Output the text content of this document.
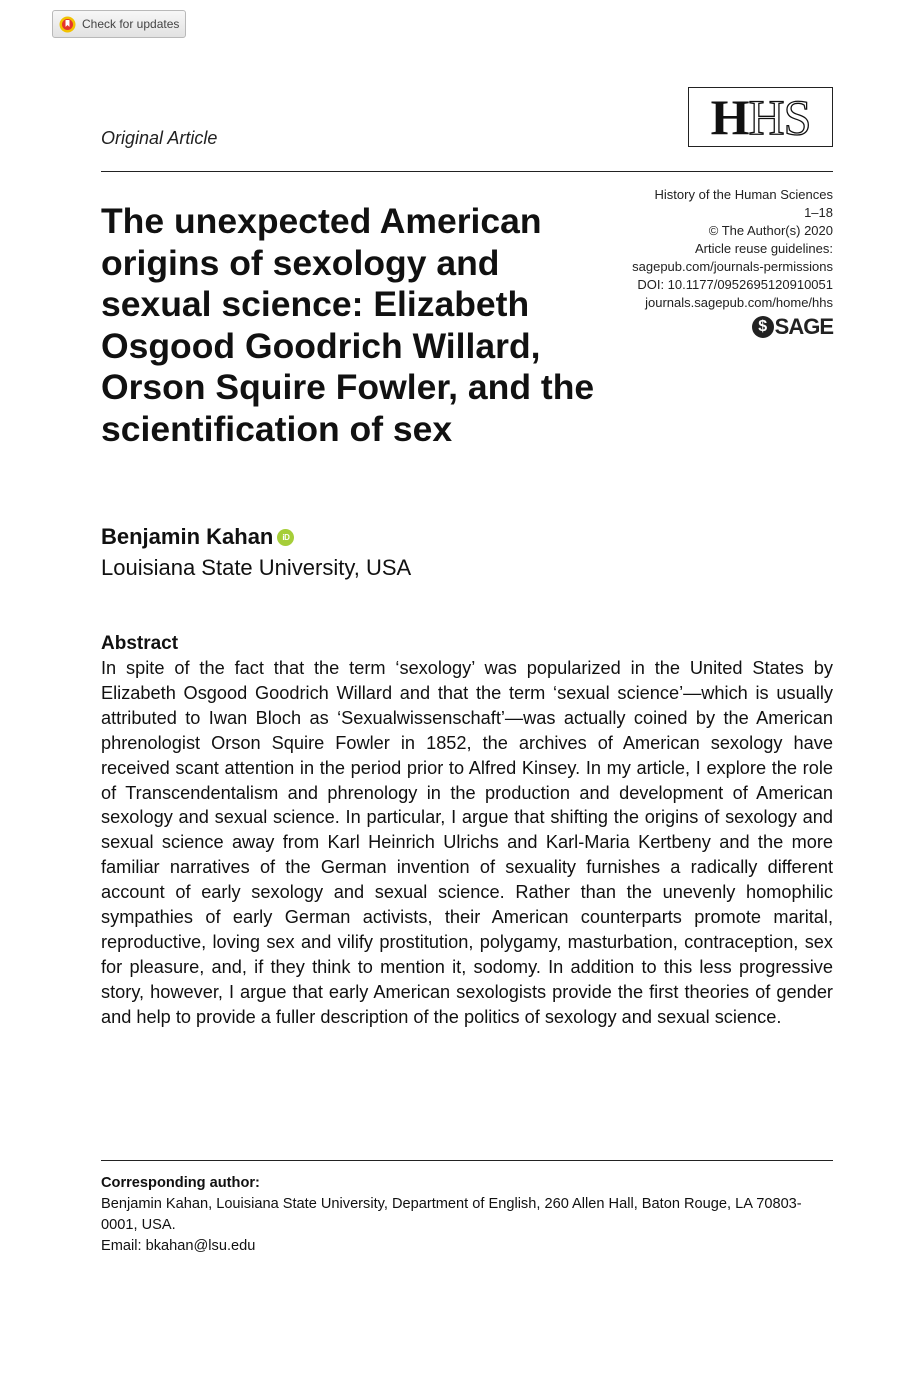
Check for updates
Original Article	H HS
The unexpected American origins of sexology and sexual science: Elizabeth Osgood Goodrich Willard, Orson Squire Fowler, and the scientification of sex
History of the Human Sciences
1–18
© The Author(s) 2020
Article reuse guidelines:
sagepub.com/journals-permissions
DOI: 10.1177/0952695120910051
journals.sagepub.com/home/hhs
$ SAGE
Benjamin Kahan	iD
Louisiana State University, USA
Abstract

In spite of the fact that the term ‘sexology’ was popularized in the United States by Elizabeth Osgood Goodrich Willard and that the term ‘sexual science’—which is usually attributed to Iwan Bloch as ‘Sexualwissenschaft’—was actually coined by the American phrenologist Orson Squire Fowler in 1852, the archives of American sexology have received scant attention in the period prior to Alfred Kinsey. In my article, I explore the role of Transcendentalism and phrenology in the production and development of American sexology and sexual science. In particular, I argue that shifting the origins of sexology and sexual science away from Karl Heinrich Ulrichs and Karl-Maria Kertbeny and the more familiar narratives of the German invention of sexuality furnishes a radically different account of early sexology and sexual science. Rather than the unevenly homophilic sympathies of early German activists, their American counterparts promote marital, reproductive, loving sex and vilify prostitution, polygamy, masturbation, contraception, sex for pleasure, and, if they think to mention it, sodomy. In addition to this less progressive story, however, I argue that early American sexologists provide the first theories of gender and help to provide a fuller description of the politics of sexology and sexual science.

Corresponding author:
Benjamin Kahan, Louisiana State University, Department of English, 260 Allen Hall, Baton Rouge, LA 70803-0001, USA.
Email: bkahan@lsu.edu
